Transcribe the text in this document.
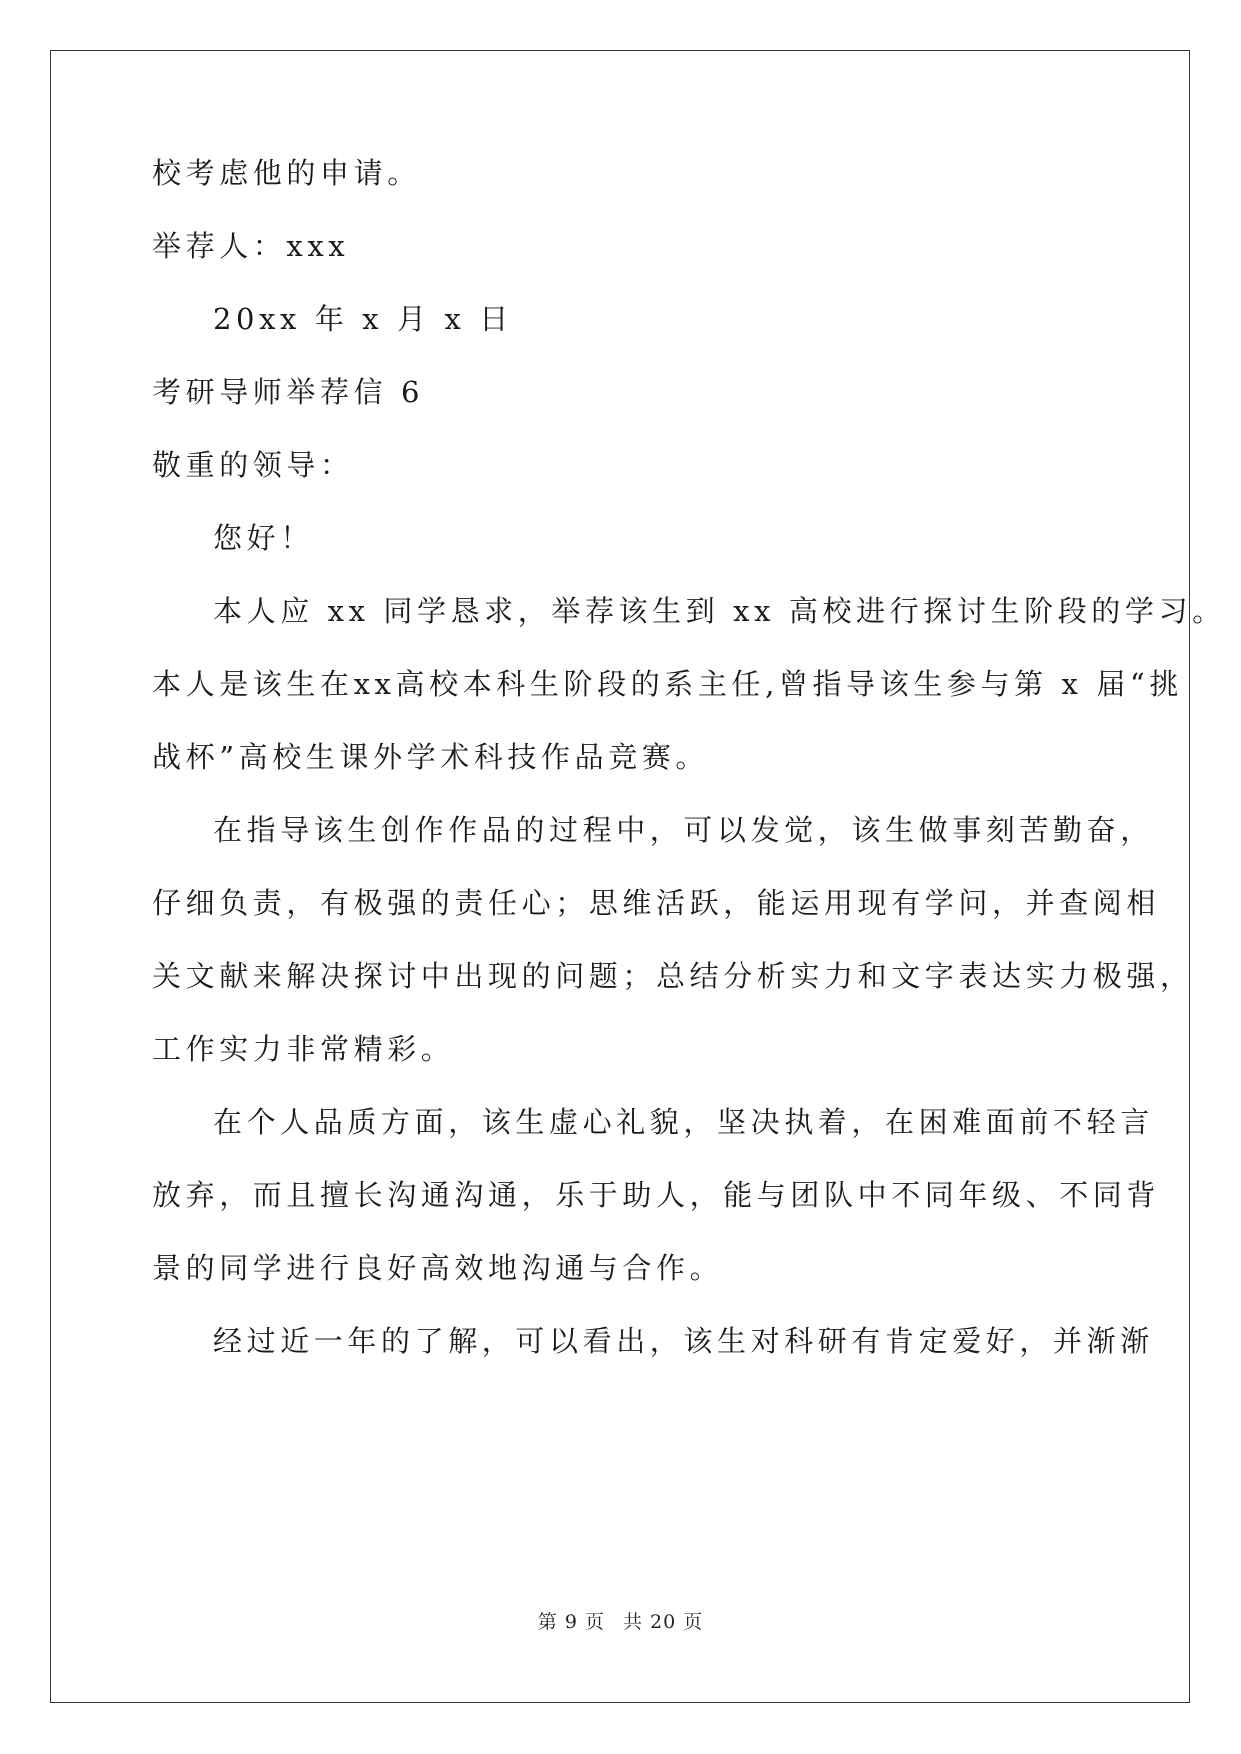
校考虑他的申请。
举荐人：xxx
20xx 年 x 月 x 日
考研导师举荐信 6
敬重的领导：
您好！
本人应 xx 同学恳求，举荐该生到 xx 高校进行探讨生阶段的学习。
本人是该生在xx高校本科生阶段的系主任,曾指导该生参与第 x 届“挑
战杯”高校生课外学术科技作品竞赛。
在指导该生创作作品的过程中，可以发觉，该生做事刻苦勤奋，
仔细负责，有极强的责任心；思维活跃，能运用现有学问，并查阅相
关文献来解决探讨中出现的问题；总结分析实力和文字表达实力极强，
工作实力非常精彩。
在个人品质方面，该生虚心礼貌，坚决执着，在困难面前不轻言
放弃，而且擅长沟通沟通，乐于助人，能与团队中不同年级、不同背
景的同学进行良好高效地沟通与合作。
经过近一年的了解，可以看出，该生对科研有肯定爱好，并渐渐
第 9 页 共 20 页
